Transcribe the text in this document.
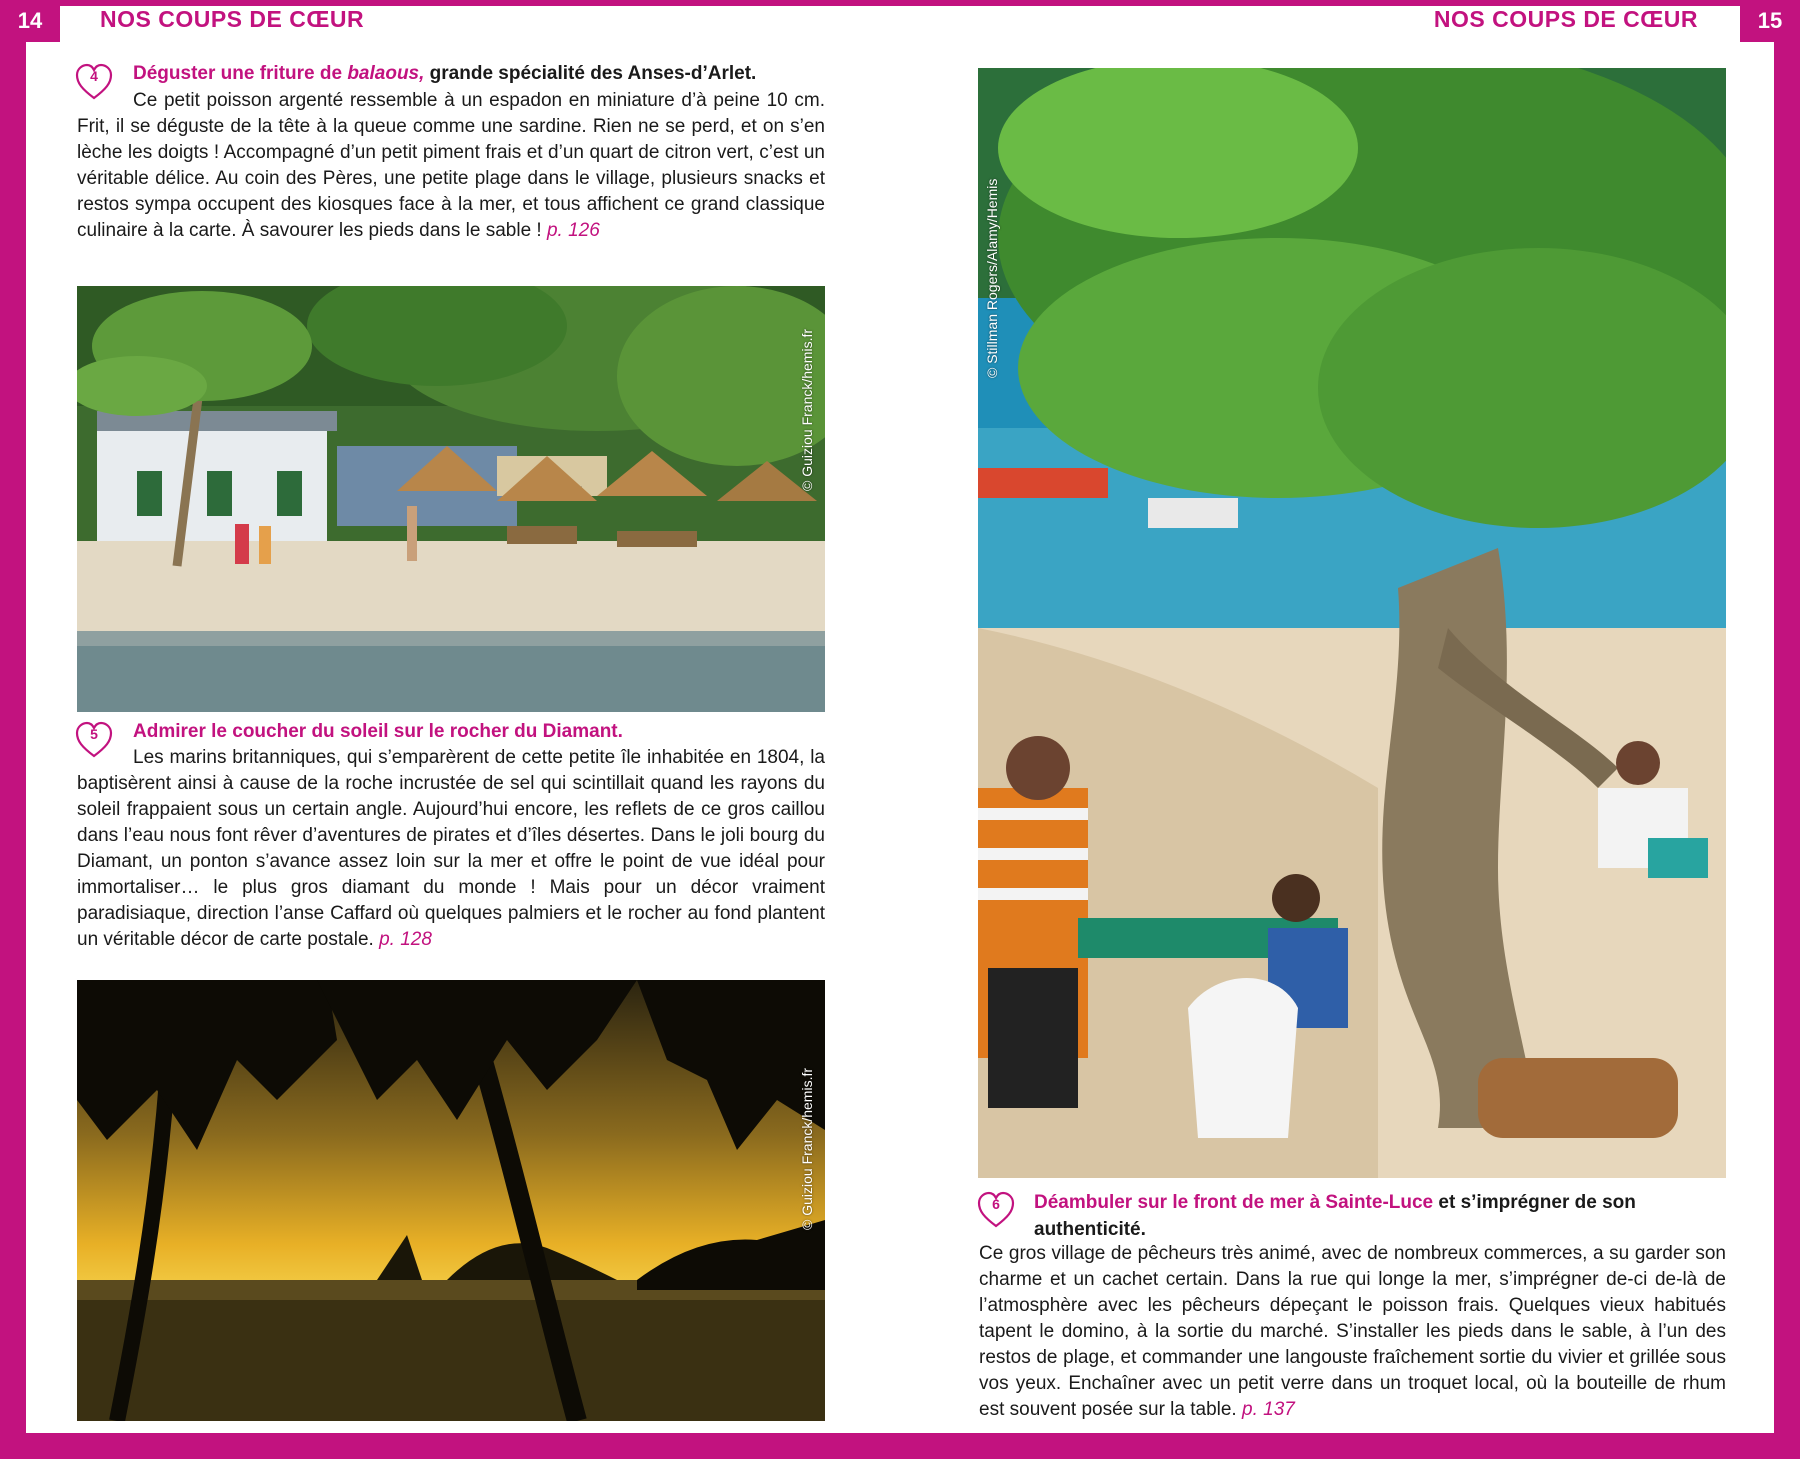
14	NOS COUPS DE CŒUR	NOS COUPS DE CŒUR	15
4	Déguster une friture de balaous, grande spécialité des Anses-d’Arlet.
Ce petit poisson argenté ressemble à un espadon en miniature d’à peine 10 cm. Frit, il se déguste de la tête à la queue comme une sardine. Rien ne se perd, et on s’en lèche les doigts ! Accompagné d’un petit piment frais et d’un quart de citron vert, c’est un véritable délice. Au coin des Pères, une petite plage dans le village, plusieurs snacks et restos sympa occupent des kiosques face à la mer, et tous affichent ce grand classique culinaire à la carte. À savourer les pieds dans le sable ! p. 126
© Guiziou Franck/hemis.fr
5	Admirer le coucher du soleil sur le rocher du Diamant.
Les marins britanniques, qui s’emparèrent de cette petite île inhabitée en 1804, la baptisèrent ainsi à cause de la roche incrustée de sel qui scintillait quand les rayons du soleil frappaient sous un certain angle. Aujourd’hui encore, les reflets de ce gros caillou dans l’eau nous font rêver d’aventures de pirates et d’îles désertes. Dans le joli bourg du Diamant, un ponton s’avance assez loin sur la mer et offre le point de vue idéal pour immortaliser… le plus gros diamant du monde ! Mais pour un décor vraiment paradisiaque, direction l’anse Caffard où quelques palmiers et le rocher au fond plantent un véritable décor de carte postale. p. 128
© Guiziou Franck/hemis.fr
© Stillman Rogers/Alamy/Hemis
6	Déambuler sur le front de mer à Sainte-Luce et s’imprégner de son authenticité.
Ce gros village de pêcheurs très animé, avec de nombreux commerces, a su garder son charme et un cachet certain. Dans la rue qui longe la mer, s’imprégner de-ci de-là de l’atmosphère avec les pêcheurs dépeçant le poisson frais. Quelques vieux habitués tapent le domino, à la sortie du marché. S’installer les pieds dans le sable, à l’un des restos de plage, et commander une langouste fraîchement sortie du vivier et grillée sous vos yeux. Enchaîner avec un petit verre dans un troquet local, où la bouteille de rhum est souvent posée sur la table. p. 137
